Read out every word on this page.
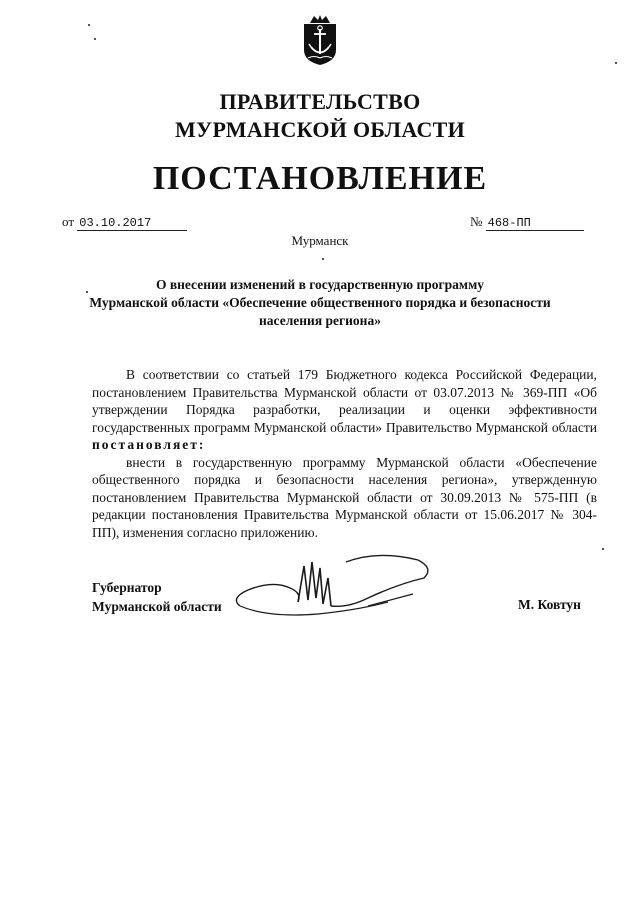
ПРАВИТЕЛЬСТВО
МУРМАНСКОЙ ОБЛАСТИ
ПОСТАНОВЛЕНИЕ
от 03.10.2017	№ 468-ПП
Мурманск
О внесении изменений в государственную программу
Мурманской области «Обеспечение общественного порядка и безопасности
населения региона»

В соответствии со статьей 179 Бюджетного кодекса Российской Федерации, постановлением Правительства Мурманской области от 03.07.2013 № 369-ПП «Об утверждении Порядка разработки, реализации и оценки эффективности государственных программ Мурманской области» Правительство Мурманской области постановляет:

внести в государственную программу Мурманской области «Обеспечение общественного порядка и безопасности населения региона», утвержденную постановлением Правительства Мурманской области от 30.09.2013 № 575-ПП (в редакции постановления Правительства Мурманской области от 15.06.2017 № 304-ПП), изменения согласно приложению.

Губернатор
Мурманской области	М. Ковтун
